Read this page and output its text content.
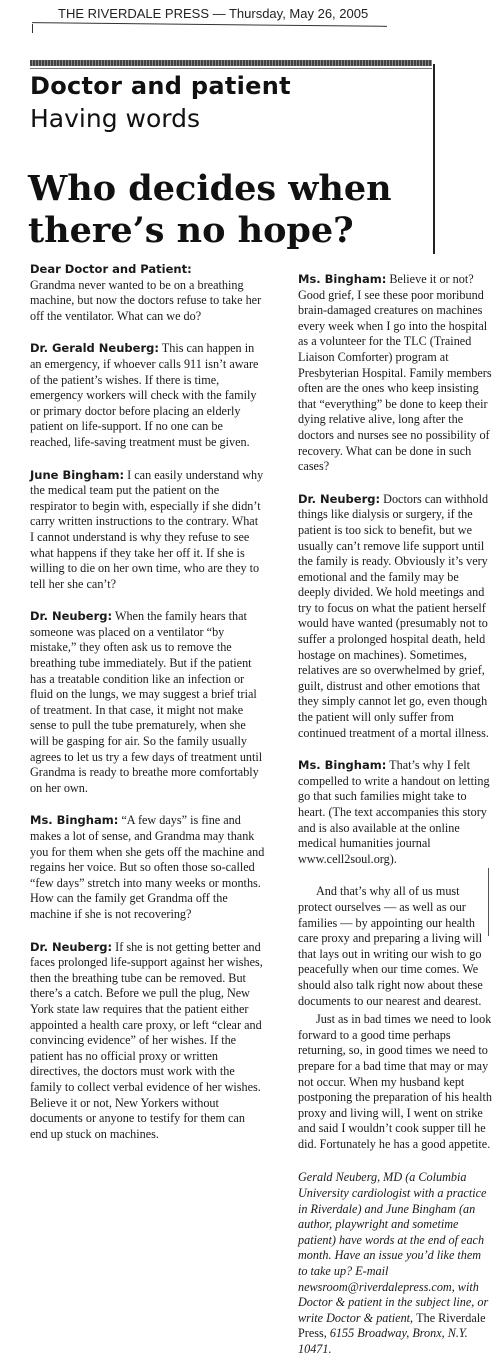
THE RIVERDALE PRESS — Thursday, May 26, 2005
Doctor and patient
Having words
Who decides when there’s no hope?

Dear Doctor and Patient:
Grandma never wanted to be on a breathing machine, but now the doctors refuse to take her off the ventilator. What can we do?

Dr. Gerald Neuberg: This can happen in an emergency, if whoever calls 911 isn’t aware of the patient’s wishes. If there is time, emergency workers will check with the family or primary doctor before placing an elderly patient on life-support. If no one can be reached, life-saving treatment must be given.

June Bingham: I can easily understand why the medical team put the patient on the respirator to begin with, especially if she didn’t carry written instructions to the contrary. What I cannot understand is why they refuse to see what happens if they take her off it. If she is willing to die on her own time, who are they to tell her she can’t?

Dr. Neuberg: When the family hears that someone was placed on a ventilator “by mistake,” they often ask us to remove the breathing tube immediately. But if the patient has a treatable condition like an infection or fluid on the lungs, we may suggest a brief trial of treatment. In that case, it might not make sense to pull the tube prematurely, when she will be gasping for air. So the family usually agrees to let us try a few days of treatment until Grandma is ready to breathe more comfortably on her own.

Ms. Bingham: “A few days” is fine and makes a lot of sense, and Grandma may thank you for them when she gets off the machine and regains her voice. But so often those so-called “few days” stretch into many weeks or months. How can the family get Grandma off the machine if she is not recovering?

Dr. Neuberg: If she is not getting better and faces prolonged life-support against her wishes, then the breathing tube can be removed. But there’s a catch. Before we pull the plug, New York state law requires that the patient either appointed a health care proxy, or left “clear and convincing evidence” of her wishes. If the patient has no official proxy or written directives, the doctors must work with the family to collect verbal evidence of her wishes. Believe it or not, New Yorkers without documents or anyone to testify for them can end up stuck on machines.

Ms. Bingham: Believe it or not? Good grief, I see these poor moribund brain-damaged creatures on machines every week when I go into the hospital as a volunteer for the TLC (Trained Liaison Comforter) program at Presbyterian Hospital. Family members often are the ones who keep insisting that “everything” be done to keep their dying relative alive, long after the doctors and nurses see no possibility of recovery. What can be done in such cases?

Dr. Neuberg: Doctors can withhold things like dialysis or surgery, if the patient is too sick to benefit, but we usually can’t remove life support until the family is ready. Obviously it’s very emotional and the family may be deeply divided. We hold meetings and try to focus on what the patient herself would have wanted (presumably not to suffer a prolonged hospital death, held hostage on machines). Sometimes, relatives are so overwhelmed by grief, guilt, distrust and other emotions that they simply cannot let go, even though the patient will only suffer from continued treatment of a mortal illness.

Ms. Bingham: That’s why I felt compelled to write a handout on letting go that such families might take to heart. (The text accompanies this story and is also available at the online medical humanities journal www.cell2soul.org).

And that’s why all of us must protect ourselves — as well as our families — by appointing our health care proxy and preparing a living will that lays out in writing our wish to go peacefully when our time comes. We should also talk right now about these documents to our nearest and dearest.

Just as in bad times we need to look forward to a good time perhaps returning, so, in good times we need to prepare for a bad time that may or may not occur. When my husband kept postponing the preparation of his health proxy and living will, I went on strike and said I wouldn’t cook supper till he did. Fortunately he has a good appetite.

Gerald Neuberg, MD (a Columbia University cardiologist with a practice in Riverdale) and June Bingham (an author, playwright and sometime patient) have words at the end of each month. Have an issue you’d like them to take up? E-mail newsroom@riverdalepress.com, with Doctor & patient in the subject line, or write Doctor & patient, The Riverdale Press, 6155 Broadway, Bronx, N.Y. 10471.
